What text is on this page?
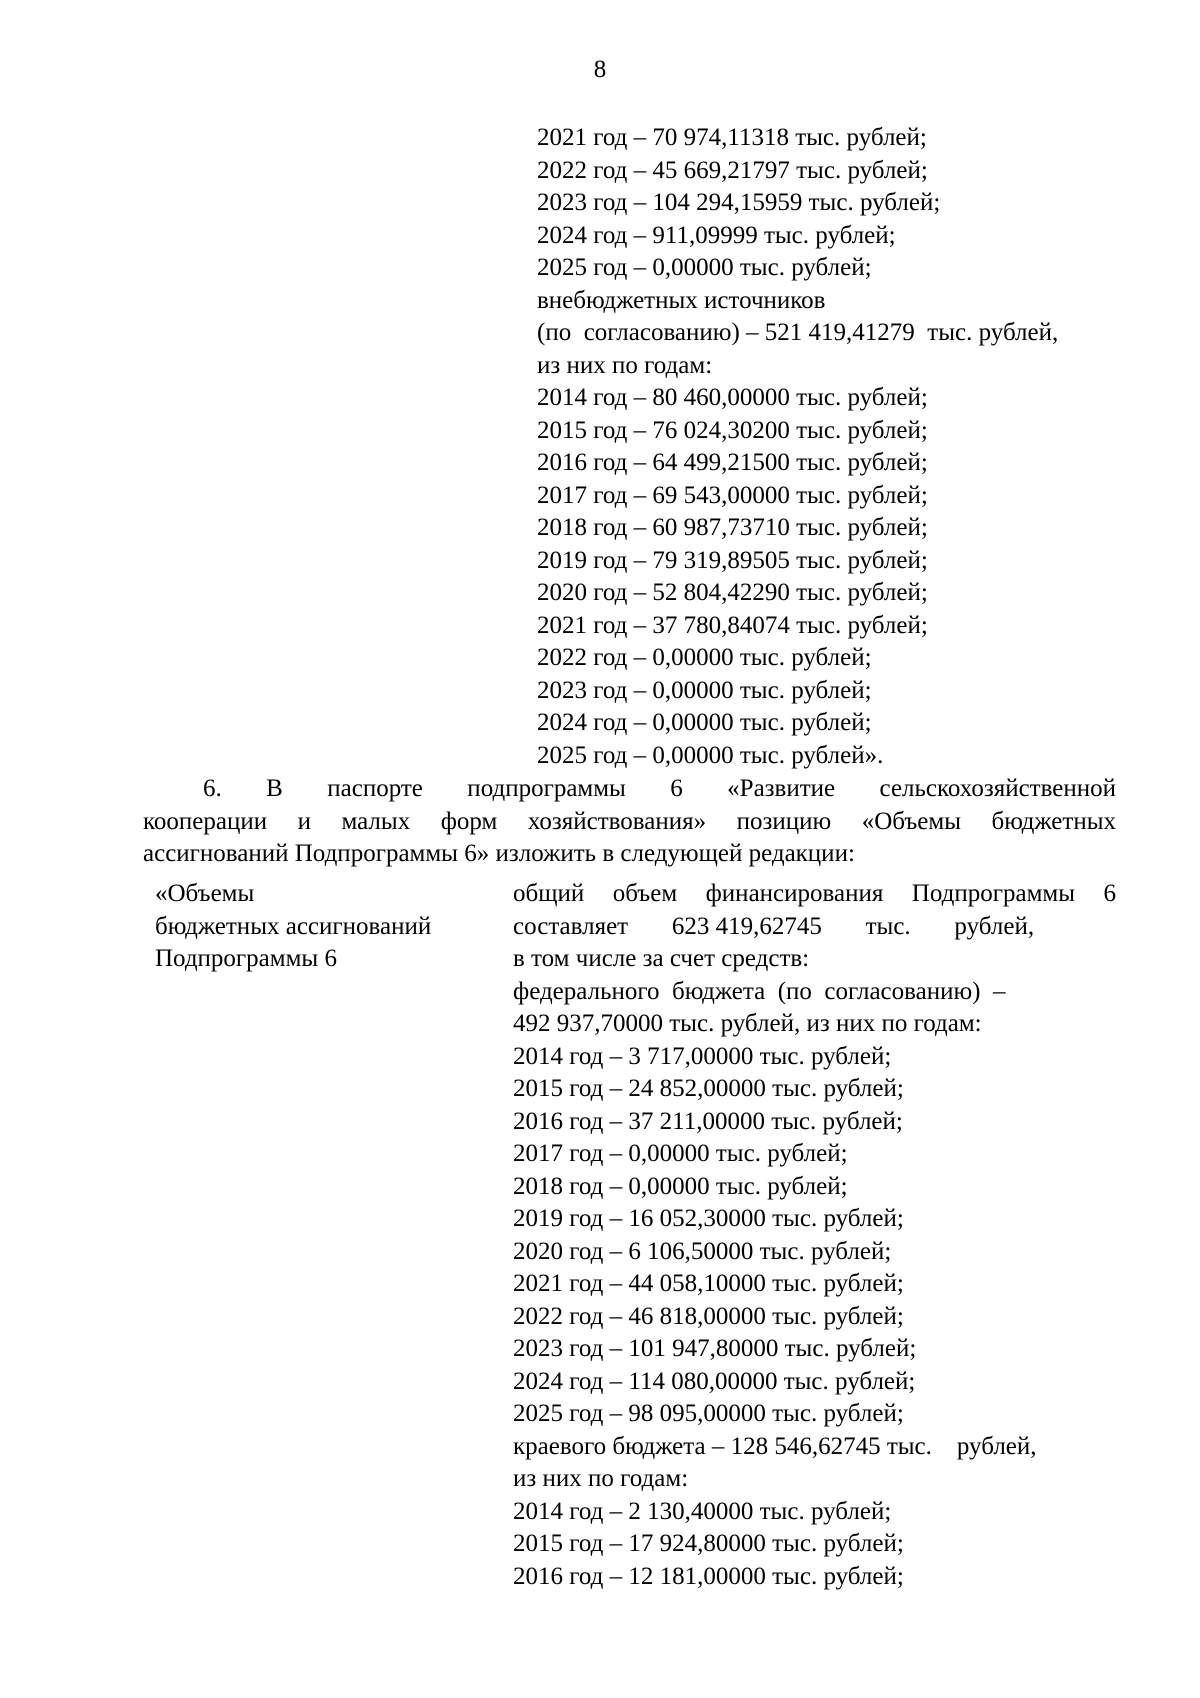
8
2021 год – 70 974,11318 тыс. рублей;
2022 год – 45 669,21797 тыс. рублей;
2023 год – 104 294,15959 тыс. рублей;
2024 год – 911,09999 тыс. рублей;
2025 год – 0,00000 тыс. рублей;
внебюджетных источников
(по  согласованию) – 521 419,41279  тыс. рублей,
из них по годам:
2014 год – 80 460,00000 тыс. рублей;
2015 год – 76 024,30200 тыс. рублей;
2016 год – 64 499,21500 тыс. рублей;
2017 год – 69 543,00000 тыс. рублей;
2018 год – 60 987,73710 тыс. рублей;
2019 год – 79 319,89505 тыс. рублей;
2020 год – 52 804,42290 тыс. рублей;
2021 год – 37 780,84074 тыс. рублей;
2022 год – 0,00000 тыс. рублей;
2023 год – 0,00000 тыс. рублей;
2024 год – 0,00000 тыс. рублей;
2025 год – 0,00000 тыс. рублей».
6.  В  паспорте  подпрограммы  6  «Развитие  сельскохозяйственной
кооперации и малых форм хозяйствования» позицию «Объемы бюджетных
ассигнований Подпрограммы 6» изложить в следующей редакции:
«Объемы
бюджетных ассигнований
Подпрограммы 6
общий объем финансирования Подпрограммы 6
составляет       623 419,62745       тыс.       рублей,
в том числе за счет средств:
федерального  бюджета  (по  согласованию)  –
492 937,70000 тыс. рублей, из них по годам:
2014 год – 3 717,00000 тыс. рублей;
2015 год – 24 852,00000 тыс. рублей;
2016 год – 37 211,00000 тыс. рублей;
2017 год – 0,00000 тыс. рублей;
2018 год – 0,00000 тыс. рублей;
2019 год – 16 052,30000 тыс. рублей;
2020 год – 6 106,50000 тыс. рублей;
2021 год – 44 058,10000 тыс. рублей;
2022 год – 46 818,00000 тыс. рублей;
2023 год – 101 947,80000 тыс. рублей;
2024 год – 114 080,00000 тыс. рублей;
2025 год – 98 095,00000 тыс. рублей;
краевого бюджета – 128 546,62745 тыс.    рублей,
из них по годам:
2014 год – 2 130,40000 тыс. рублей;
2015 год – 17 924,80000 тыс. рублей;
2016 год – 12 181,00000 тыс. рублей;
